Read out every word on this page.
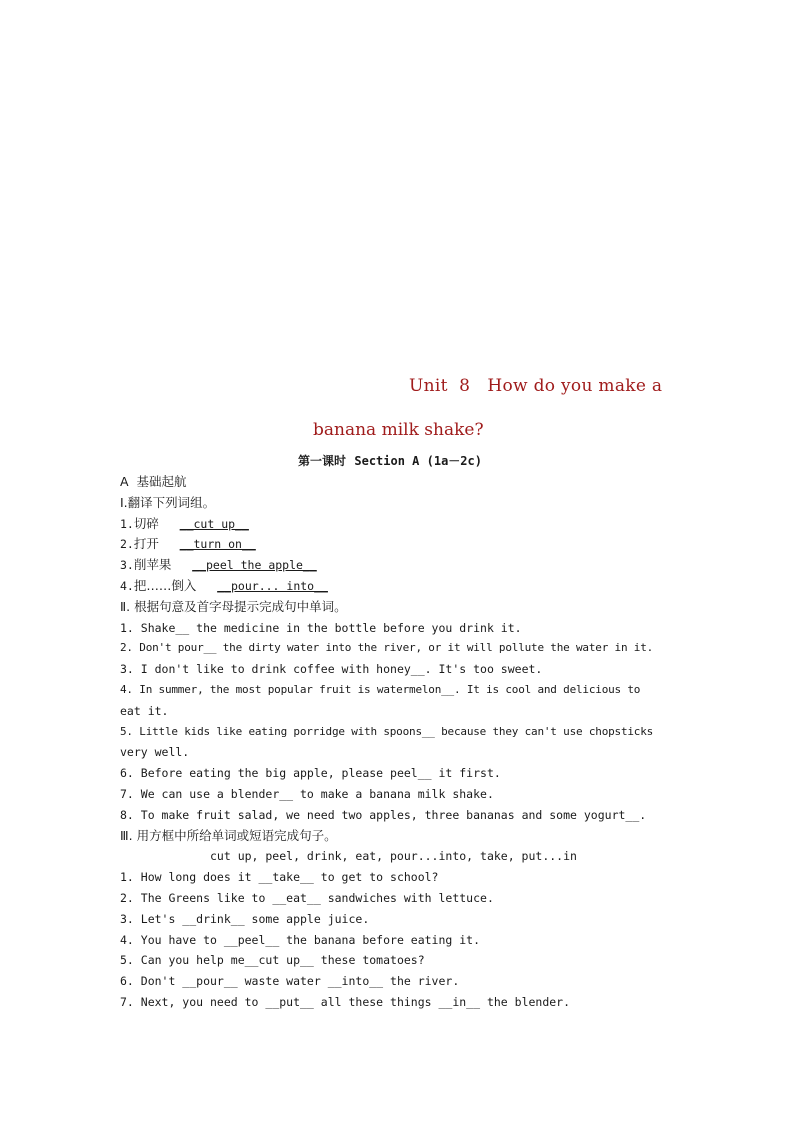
Unit  8   How do you make a
banana milk shake?
第一课时 Section A (1a－2c)
A  基础起航
Ⅰ.翻译下列词组。
1.切碎 __cut up__
2.打开 __turn on__
3.削苹果 __peel the apple__
4.把……倒入 __pour... into__
Ⅱ. 根据句意及首字母提示完成句中单词。
1. Shake__ the medicine in the bottle before you drink it.
2. Don't pour__ the dirty water into the river, or it will pollute the water in it.
3. I don't like to drink coffee with honey__. It's too sweet.
4. In summer, the most popular fruit is watermelon__. It is cool and delicious to
eat it.
5. Little kids like eating porridge with spoons__ because they can't use chopsticks
very well.
6. Before eating the big apple, please peel__ it first.
7. We can use a blender__ to make a banana milk shake.
8. To make fruit salad, we need two apples, three bananas and some yogurt__.
Ⅲ. 用方框中所给单词或短语完成句子。
cut up, peel, drink, eat, pour...into, take, put...in
1. How long does it __take__ to get to school?
2. The Greens like to __eat__ sandwiches with lettuce.
3. Let's __drink__ some apple juice.
4. You have to __peel__ the banana before eating it.
5. Can you help me__cut up__ these tomatoes?
6. Don't __pour__ waste water __into__ the river.
7. Next, you need to __put__ all these things __in__ the blender.
